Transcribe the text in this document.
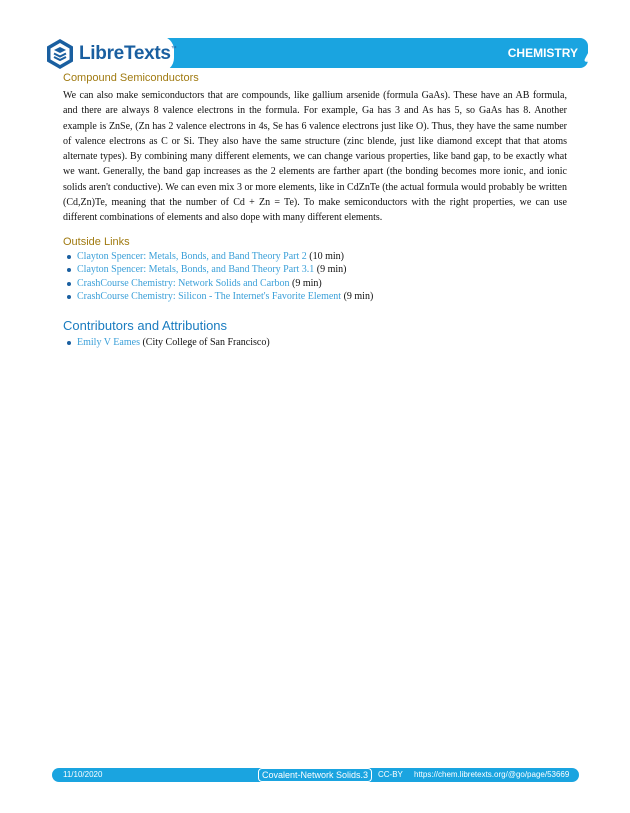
LibreTexts ™	CHEMISTRY
Compound Semiconductors

We can also make semiconductors that are compounds, like gallium arsenide (formula GaAs). These have an AB formula, and there are always 8 valence electrons in the formula. For example, Ga has 3 and As has 5, so GaAs has 8. Another example is ZnSe, (Zn has 2 valence electrons in 4s, Se has 6 valence electrons just like O). Thus, they have the same number of valence electrons as C or Si. They also have the same structure (zinc blende, just like diamond except that that atoms alternate types). By combining many different elements, we can change various properties, like band gap, to be exactly what we want. Generally, the band gap increases as the 2 elements are farther apart (the bonding becomes more ionic, and ionic solids aren't conductive). We can even mix 3 or more elements, like in CdZnTe (the actual formula would probably be written (Cd,Zn)Te, meaning that the number of Cd + Zn = Te). To make semiconductors with the right properties, we can use different combinations of elements and also dope with many different elements.

Outside Links
Clayton Spencer: Metals, Bonds, and Band Theory Part 2 (10 min)
Clayton Spencer: Metals, Bonds, and Band Theory Part 3.1 (9 min)
CrashCourse Chemistry: Network Solids and Carbon (9 min)
CrashCourse Chemistry: Silicon - The Internet's Favorite Element (9 min)
Contributors and Attributions
Emily V Eames (City College of San Francisco)
11/10/2020	Covalent-Network Solids.3	CC-BY https://chem.libretexts.org/@go/page/53669
